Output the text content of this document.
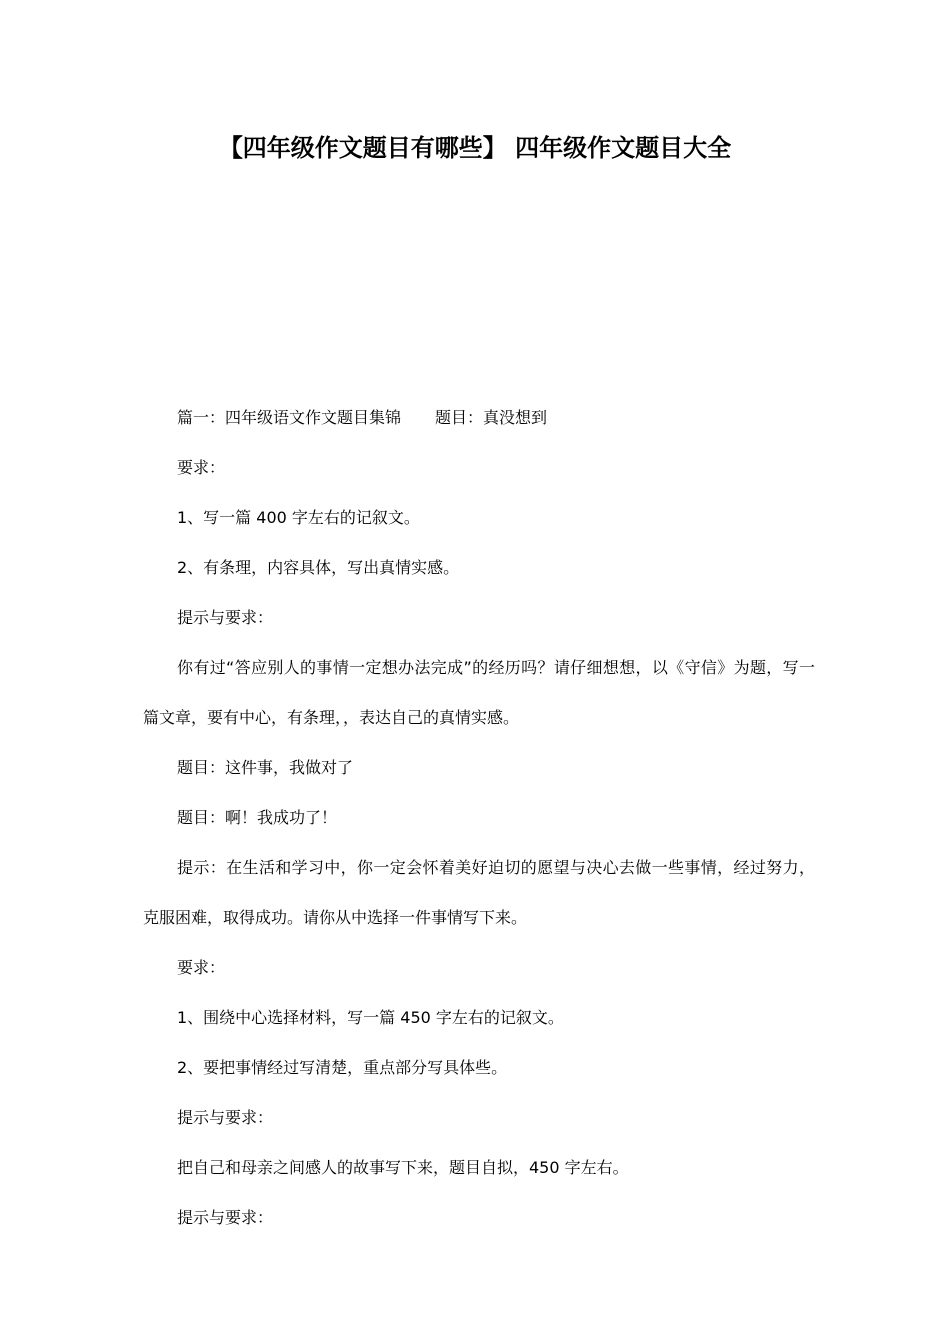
【四年级作文题目有哪些】 四年级作文题目大全

篇一：四年级语文作文题目集锦 题目：真没想到

要求：

1、写一篇 400 字左右的记叙文。

2、有条理，内容具体，写出真情实感。

提示与要求：

你有过“答应别人的事情一定想办法完成”的经历吗？请仔细想想，以《守信》为题，写一篇文章，要有中心，有条理，，表达自己的真情实感。

题目：这件事，我做对了

题目：啊！我成功了！

提示：在生活和学习中，你一定会怀着美好迫切的愿望与决心去做一些事情，经过努力，克服困难，取得成功。请你从中选择一件事情写下来。

要求：

1、围绕中心选择材料，写一篇 450 字左右的记叙文。

2、要把事情经过写清楚，重点部分写具体些。

提示与要求：

把自己和母亲之间感人的故事写下来，题目自拟，450 字左右。

提示与要求：
